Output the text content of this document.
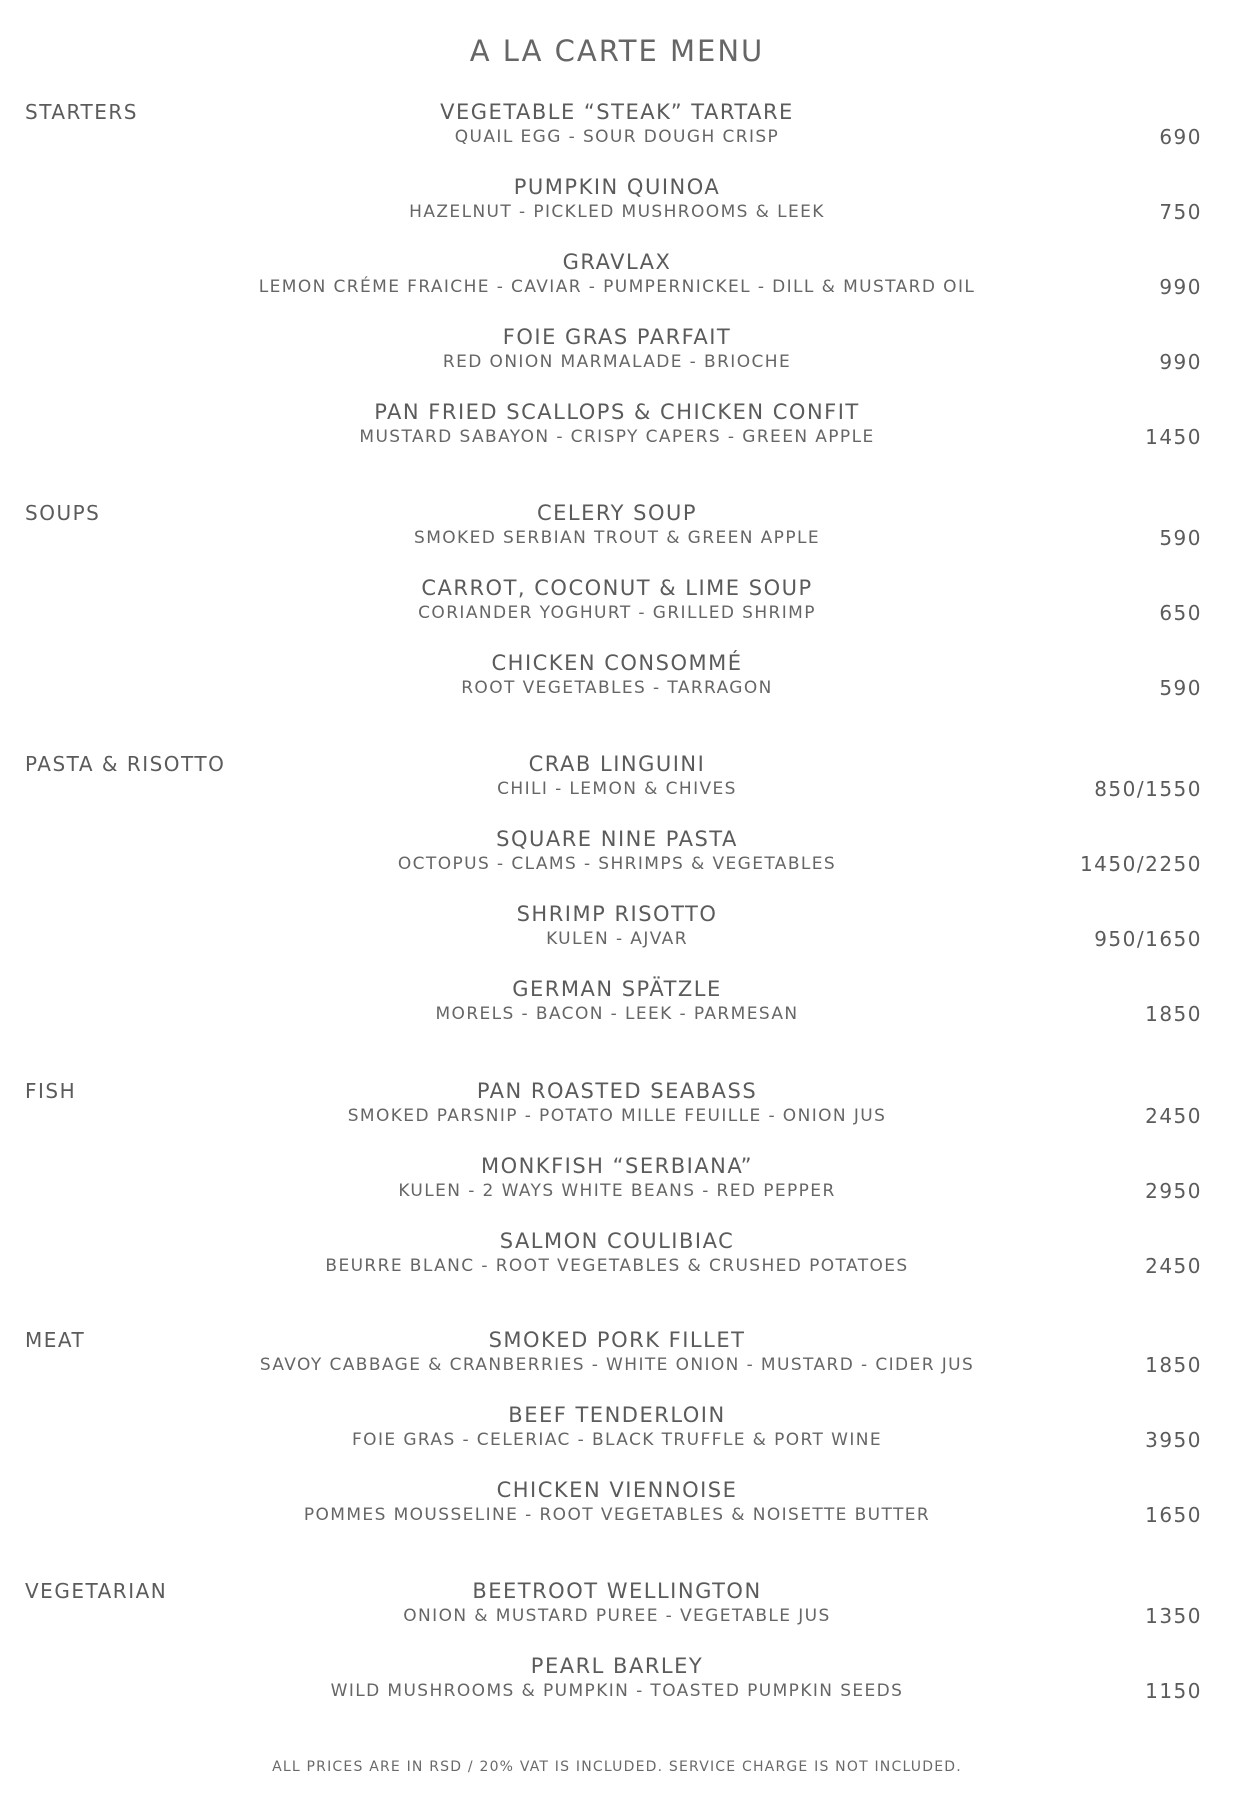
A LA CARTE MENU
STARTERS	VEGETABLE “STEAK” TARTARE
QUAIL EGG - SOUR DOUGH CRISP	690
PUMPKIN QUINOA
HAZELNUT - PICKLED MUSHROOMS & LEEK	750
GRAVLAX
LEMON CRÉME FRAICHE - CAVIAR - PUMPERNICKEL - DILL & MUSTARD OIL	990
FOIE GRAS PARFAIT
RED ONION MARMALADE - BRIOCHE	990
PAN FRIED SCALLOPS & CHICKEN CONFIT
MUSTARD SABAYON - CRISPY CAPERS - GREEN APPLE	1450
SOUPS	CELERY SOUP
SMOKED SERBIAN TROUT & GREEN APPLE	590
CARROT, COCONUT & LIME SOUP
CORIANDER YOGHURT - GRILLED SHRIMP	650
CHICKEN CONSOMMÉ
ROOT VEGETABLES - TARRAGON	590
PASTA & RISOTTO	CRAB LINGUINI
CHILI - LEMON & CHIVES	850/1550
SQUARE NINE PASTA
OCTOPUS - CLAMS - SHRIMPS & VEGETABLES	1450/2250
SHRIMP RISOTTO
KULEN - AJVAR	950/1650
GERMAN SPÄTZLE
MORELS - BACON - LEEK - PARMESAN	1850
FISH	PAN ROASTED SEABASS
SMOKED PARSNIP - POTATO MILLE FEUILLE - ONION JUS	2450
MONKFISH “SERBIANA”
KULEN - 2 WAYS WHITE BEANS - RED PEPPER	2950
SALMON COULIBIAC
BEURRE BLANC - ROOT VEGETABLES & CRUSHED POTATOES	2450
MEAT	SMOKED PORK FILLET
SAVOY CABBAGE & CRANBERRIES - WHITE ONION - MUSTARD - CIDER JUS	1850
BEEF TENDERLOIN
FOIE GRAS - CELERIAC - BLACK TRUFFLE & PORT WINE	3950
CHICKEN VIENNOISE
POMMES MOUSSELINE - ROOT VEGETABLES & NOISETTE BUTTER	1650
VEGETARIAN	BEETROOT WELLINGTON
ONION & MUSTARD PUREE - VEGETABLE JUS	1350
PEARL BARLEY
WILD MUSHROOMS & PUMPKIN - TOASTED PUMPKIN SEEDS	1150
ALL PRICES ARE IN RSD / 20% VAT IS INCLUDED. SERVICE CHARGE IS NOT INCLUDED.
